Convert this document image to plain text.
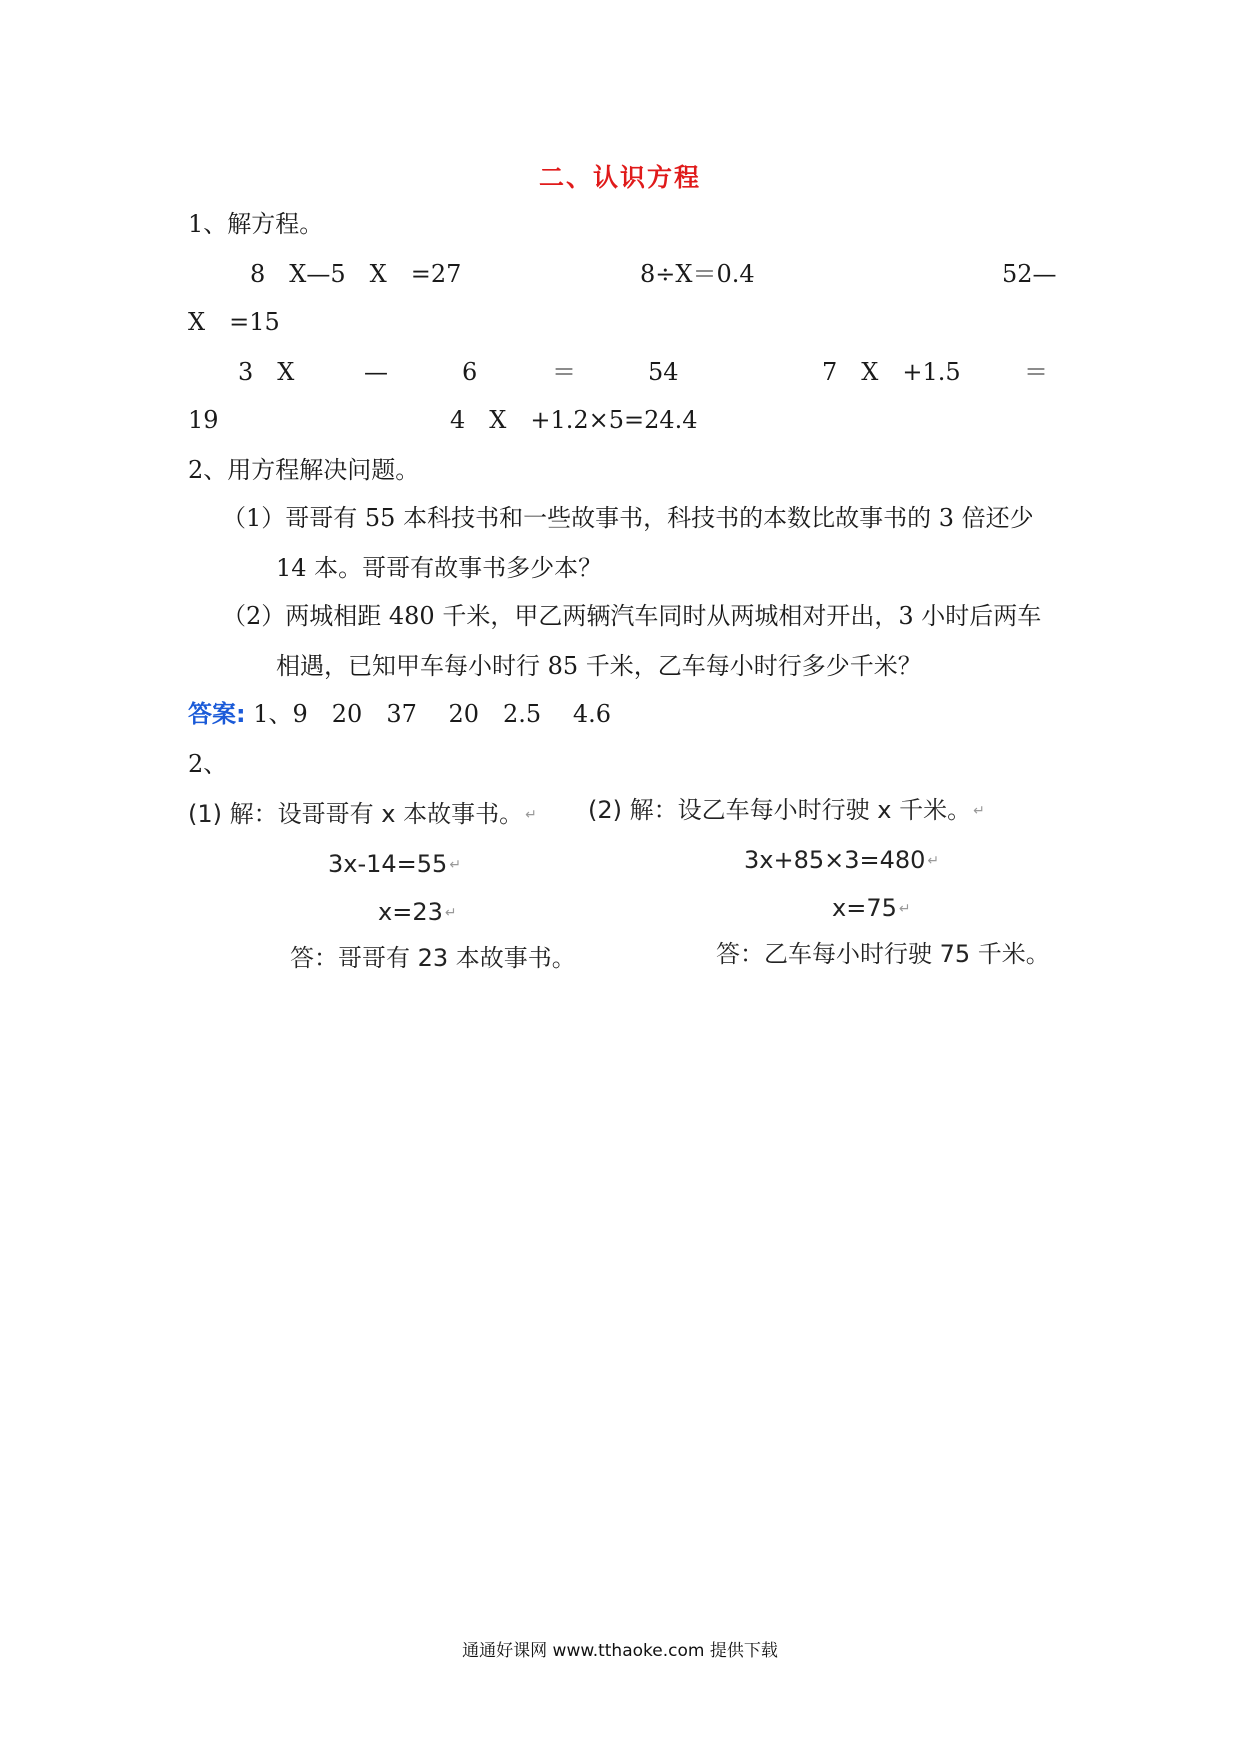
二、认识方程
1、解方程。
8　X—5　X　=27	8÷X＝0.4	52—
X　=15
3　X	—	6	＝	54	7　X　+1.5	＝
19	4　X　+1.2×5=24.4
2、用方程解决问题。
（1）哥哥有 55 本科技书和一些故事书，科技书的本数比故事书的 3 倍还少
14 本。哥哥有故事书多少本？
（2）两城相距 480 千米，甲乙两辆汽车同时从两城相对开出，3 小时后两车
相遇，已知甲车每小时行 85 千米，乙车每小时行多少千米？
答案: 1、9　20　37　 20　2.5　 4.6
2、
(1) 解：设哥哥有 x 本故事书。 ↵
3x-14=55 ↵
x=23 ↵
答：哥哥有 23 本故事书。
(2) 解：设乙车每小时行驶 x 千米。 ↵
3x+85×3=480 ↵
x=75 ↵
答：乙车每小时行驶 75 千米。
通通好课网 www.tthaoke.com 提供下载
